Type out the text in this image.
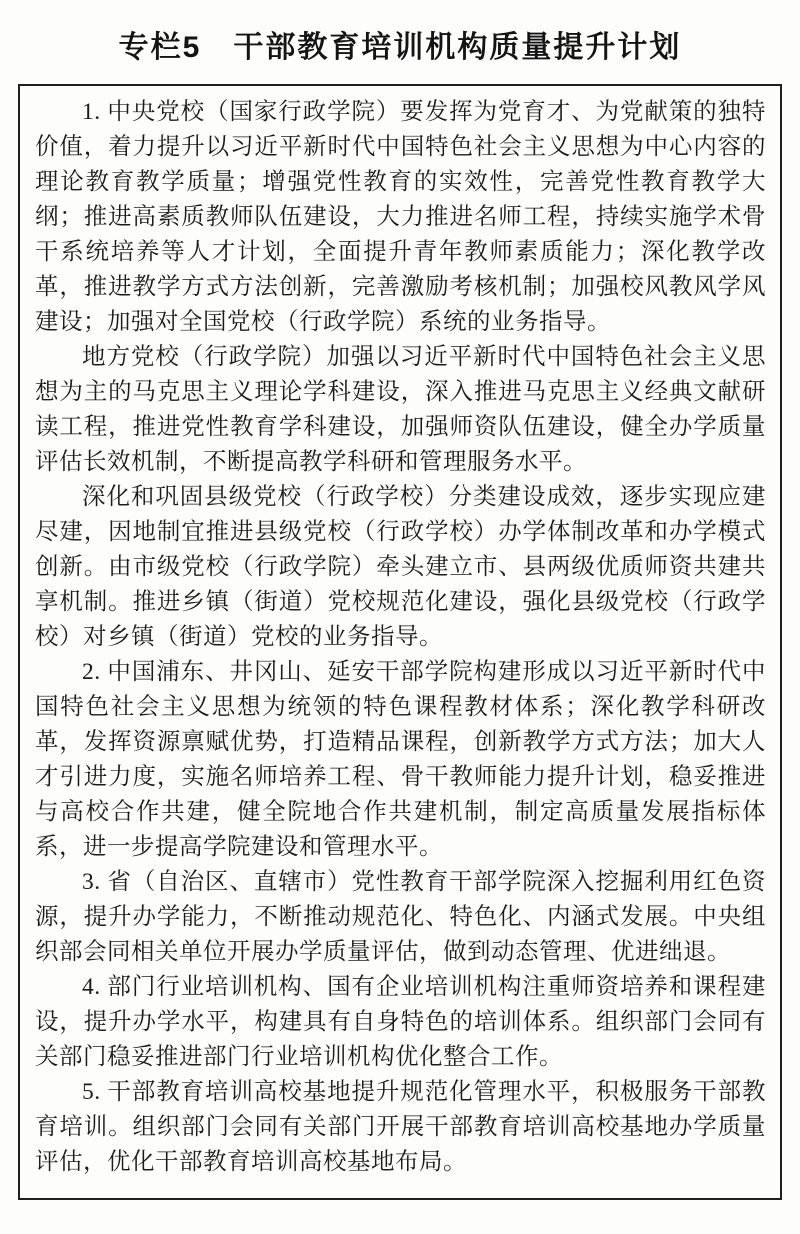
专栏5　干部教育培训机构质量提升计划

1. 中央党校（国家行政学院）要发挥为党育才、为党献策的独特价值，着力提升以习近平新时代中国特色社会主义思想为中心内容的理论教育教学质量；增强党性教育的实效性，完善党性教育教学大纲；推进高素质教师队伍建设，大力推进名师工程，持续实施学术骨干系统培养等人才计划，全面提升青年教师素质能力；深化教学改革，推进教学方式方法创新，完善激励考核机制；加强校风教风学风建设；加强对全国党校（行政学院）系统的业务指导。

地方党校（行政学院）加强以习近平新时代中国特色社会主义思想为主的马克思主义理论学科建设，深入推进马克思主义经典文献研读工程，推进党性教育学科建设，加强师资队伍建设，健全办学质量评估长效机制，不断提高教学科研和管理服务水平。

深化和巩固县级党校（行政学校）分类建设成效，逐步实现应建尽建，因地制宜推进县级党校（行政学校）办学体制改革和办学模式创新。由市级党校（行政学院）牵头建立市、县两级优质师资共建共享机制。推进乡镇（街道）党校规范化建设，强化县级党校（行政学校）对乡镇（街道）党校的业务指导。

2. 中国浦东、井冈山、延安干部学院构建形成以习近平新时代中国特色社会主义思想为统领的特色课程教材体系；深化教学科研改革，发挥资源禀赋优势，打造精品课程，创新教学方式方法；加大人才引进力度，实施名师培养工程、骨干教师能力提升计划，稳妥推进与高校合作共建，健全院地合作共建机制，制定高质量发展指标体系，进一步提高学院建设和管理水平。

3. 省（自治区、直辖市）党性教育干部学院深入挖掘利用红色资源，提升办学能力，不断推动规范化、特色化、内涵式发展。中央组织部会同相关单位开展办学质量评估，做到动态管理、优进绌退。

4. 部门行业培训机构、国有企业培训机构注重师资培养和课程建设，提升办学水平，构建具有自身特色的培训体系。组织部门会同有关部门稳妥推进部门行业培训机构优化整合工作。

5. 干部教育培训高校基地提升规范化管理水平，积极服务干部教育培训。组织部门会同有关部门开展干部教育培训高校基地办学质量评估，优化干部教育培训高校基地布局。
